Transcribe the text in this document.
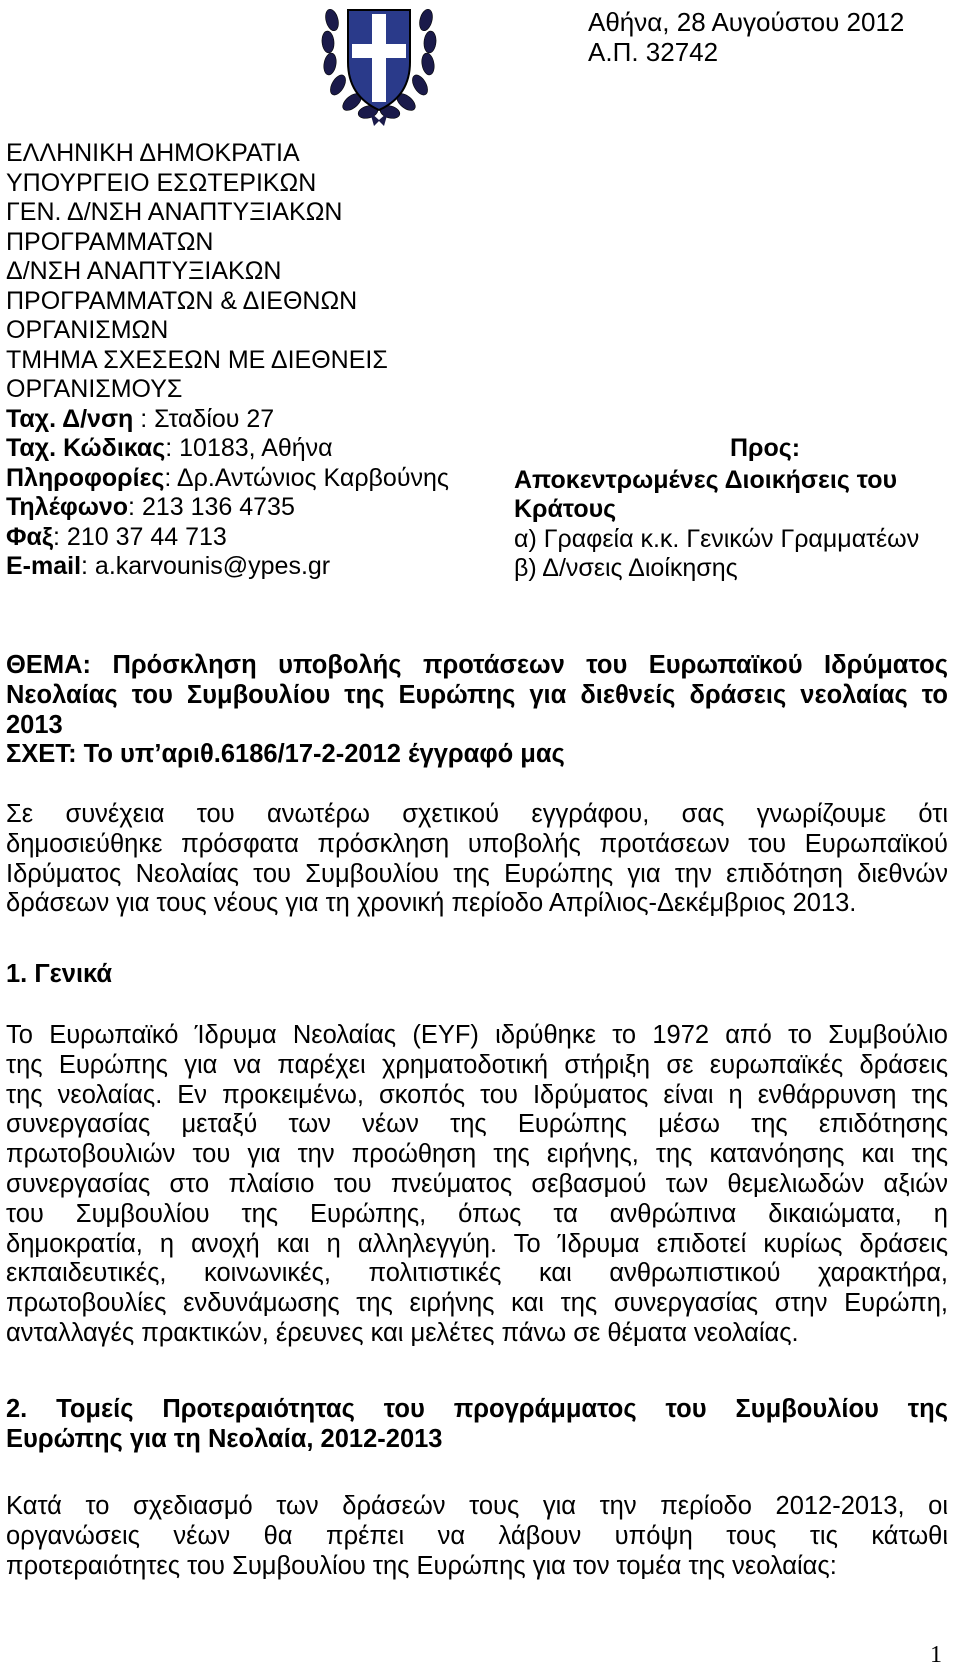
Αθήνα, 28 Αυγούστου 2012
Α.Π. 32742
ΕΛΛΗΝΙΚΗ ΔΗΜΟΚΡΑΤΙΑ
ΥΠΟΥΡΓΕΙΟ ΕΣΩΤΕΡΙΚΩΝ
ΓΕΝ. Δ/ΝΣΗ ΑΝΑΠΤΥΞΙΑΚΩΝ
ΠΡΟΓΡΑΜΜΑΤΩΝ
Δ/ΝΣΗ ΑΝΑΠΤΥΞΙΑΚΩΝ
ΠΡΟΓΡΑΜΜΑΤΩΝ & ΔΙΕΘΝΩΝ
ΟΡΓΑΝΙΣΜΩΝ
ΤΜΗΜΑ ΣΧΕΣΕΩΝ ΜΕ ΔΙΕΘΝΕΙΣ
ΟΡΓΑΝΙΣΜΟΥΣ
Ταχ. Δ/νση : Σταδίου 27
Ταχ. Κώδικας: 10183, Αθήνα
Πληροφορίες: Δρ.Αντώνιος Καρβούνης
Τηλέφωνο: 213 136 4735
Φαξ: 210 37 44 713
E-mail: a.karvounis@ypes.gr
Προς:
Αποκεντρωμένες Διοικήσεις του
Κράτους
α) Γραφεία κ.κ. Γενικών Γραμματέων
β) Δ/νσεις Διοίκησης
ΘΕΜΑ: Πρόσκληση υποβολής προτάσεων του Ευρωπαϊκού Ιδρύματος
Νεολαίας του Συμβουλίου της Ευρώπης για διεθνείς δράσεις νεολαίας το
2013
ΣΧΕΤ: Το υπ’αριθ.6186/17-2-2012 έγγραφό μας
Σε συνέχεια του ανωτέρω σχετικού εγγράφου, σας γνωρίζουμε ότι
δημοσιεύθηκε πρόσφατα πρόσκληση υποβολής προτάσεων του Ευρωπαϊκού
Ιδρύματος Νεολαίας του Συμβουλίου της Ευρώπης για την επιδότηση διεθνών
δράσεων για τους νέους για τη χρονική περίοδο Απρίλιος-Δεκέμβριος 2013.
1. Γενικά
Το Ευρωπαϊκό Ίδρυμα Νεολαίας (ΕΥF) ιδρύθηκε το 1972 από το Συμβούλιο
της Ευρώπης για να παρέχει χρηματοδοτική στήριξη σε ευρωπαϊκές δράσεις
της νεολαίας. Εν προκειμένω, σκοπός του Ιδρύματος είναι η ενθάρρυνση της
συνεργασίας μεταξύ των νέων της Ευρώπης μέσω της επιδότησης
πρωτοβουλιών του για την προώθηση της ειρήνης, της κατανόησης και της
συνεργασίας στο πλαίσιο του πνεύματος σεβασμού των θεμελιωδών αξιών
του Συμβουλίου της Ευρώπης, όπως τα ανθρώπινα δικαιώματα, η
δημοκρατία, η ανοχή και η αλληλεγγύη. Το Ίδρυμα επιδοτεί κυρίως δράσεις
εκπαιδευτικές, κοινωνικές, πολιτιστικές και ανθρωπιστικού χαρακτήρα,
πρωτοβουλίες ενδυνάμωσης της ειρήνης και της συνεργασίας στην Ευρώπη,
ανταλλαγές πρακτικών, έρευνες και μελέτες πάνω σε θέματα νεολαίας.
2. Τομείς Προτεραιότητας του προγράμματος του Συμβουλίου της
Ευρώπης για τη Νεολαία, 2012-2013
Κατά το σχεδιασμό των δράσεών τους για την περίοδο 2012-2013, οι
οργανώσεις νέων θα πρέπει να λάβουν υπόψη τους τις κάτωθι
προτεραιότητες του Συμβουλίου της Ευρώπης για τον τομέα της νεολαίας:
1
